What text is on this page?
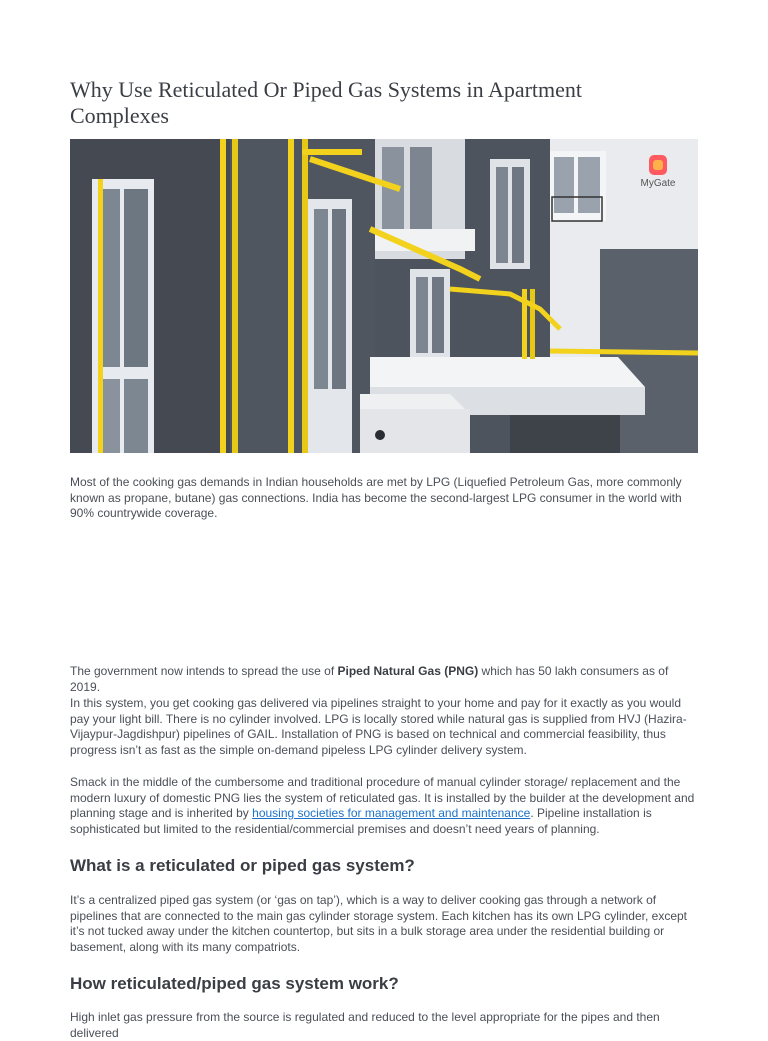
Why Use Reticulated Or Piped Gas Systems in Apartment Complexes
MyGate

Most of the cooking gas demands in Indian households are met by LPG (Liquefied Petroleum Gas, more commonly known as propane, butane) gas connections. India has become the second-largest LPG consumer in the world with 90% countrywide coverage.

The government now intends to spread the use of Piped Natural Gas (PNG) which has 50 lakh consumers as of 2019.

In this system, you get cooking gas delivered via pipelines straight to your home and pay for it exactly as you would pay your light bill. There is no cylinder involved. LPG is locally stored while natural gas is supplied from HVJ (Hazira-Vijaypur-Jagdishpur) pipelines of GAIL. Installation of PNG is based on technical and commercial feasibility, thus progress isn’t as fast as the simple on-demand pipeless LPG cylinder delivery system.

Smack in the middle of the cumbersome and traditional procedure of manual cylinder storage/ replacement and the modern luxury of domestic PNG lies the system of reticulated gas. It is installed by the builder at the development and planning stage and is inherited by housing societies for management and maintenance. Pipeline installation is sophisticated but limited to the residential/commercial premises and doesn’t need years of planning.

What is a reticulated or piped gas system?

It’s a centralized piped gas system (or ‘gas on tap’), which is a way to deliver cooking gas through a network of pipelines that are connected to the main gas cylinder storage system. Each kitchen has its own LPG cylinder, except it’s not tucked away under the kitchen countertop, but sits in a bulk storage area under the residential building or basement, along with its many compatriots.

How reticulated/piped gas system work?

High inlet gas pressure from the source is regulated and reduced to the level appropriate for the pipes and then delivered
